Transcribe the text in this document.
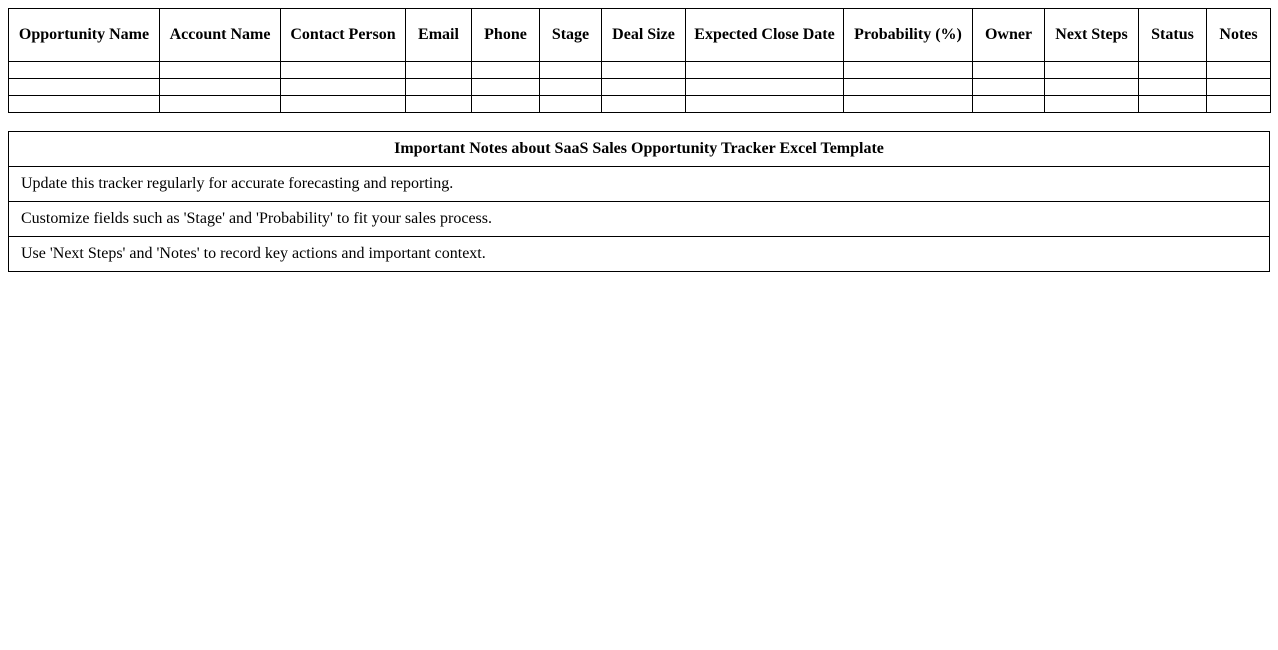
Opportunity Name	Account Name	Contact Person	Email	Phone	Stage	Deal Size	Expected Close Date	Probability (%)	Owner	Next Steps	Status	Notes

Important Notes about SaaS Sales Opportunity Tracker Excel Template
Update this tracker regularly for accurate forecasting and reporting.
Customize fields such as 'Stage' and 'Probability' to fit your sales process.
Use 'Next Steps' and 'Notes' to record key actions and important context.
